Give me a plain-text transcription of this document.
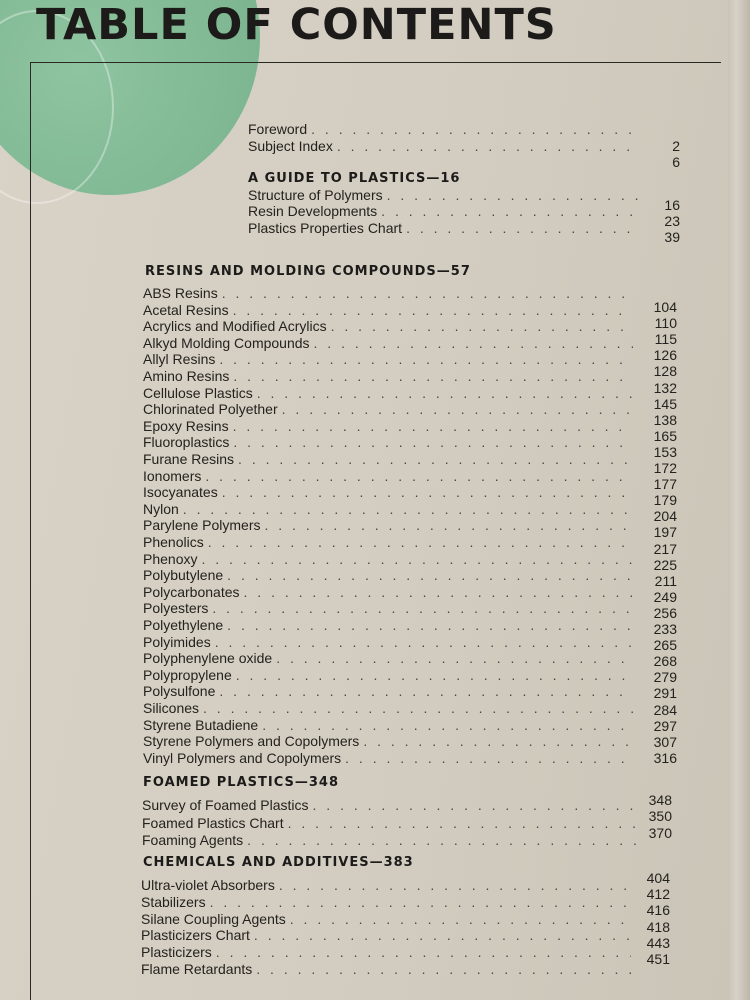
TABLE OF CONTENTS
Foreword
. . .
Subject Index
. . .	2
6
A GUIDE TO PLASTICS—16
Structure of Polymers
. . .
Resin Developments
. . .
Plastics Properties Chart
. . .
16
23
39
RESINS AND MOLDING COMPOUNDS—57
ABS Resins
. . .
Acetal Resins
. . .
Acrylics and Modified Acrylics
. . .
Alkyd Molding Compounds
. . .
Allyl Resins
. . .
Amino Resins
. . .
Cellulose Plastics
. . .
Chlorinated Polyether
. . .
Epoxy Resins
. . .
Fluoroplastics
. . .
Furane Resins
. . .
Ionomers
. . .
Isocyanates
. . .
Nylon
. . .
Parylene Polymers
. . .
Phenolics
. . .
Phenoxy
. . .
Polybutylene
. . .
Polycarbonates
. . .
Polyesters
. . .
Polyethylene
. . .
Polyimides
. . .
Polyphenylene oxide
. . .
Polypropylene
. . .
Polysulfone
. . .
Silicones
. . .
Styrene Butadiene
. . .
Styrene Polymers and Copolymers
. . .
Vinyl Polymers and Copolymers
. . .
104
110
115
126
128
132
145
138
165
153
172
177
179
204
197
217
225
211
249
256
233
265
268
279
291
284
297
307
316
FOAMED PLASTICS—348
Survey of Foamed Plastics
. . .
Foamed Plastics Chart
. . .
Foaming Agents
. . .
348
350
370
CHEMICALS AND ADDITIVES—383
Ultra-violet Absorbers
. . .
Stabilizers
. . .
Silane Coupling Agents
. . .
Plasticizers Chart
. . .
Plasticizers
. . .
Flame Retardants
. . .
404
412
416
418
443
451
